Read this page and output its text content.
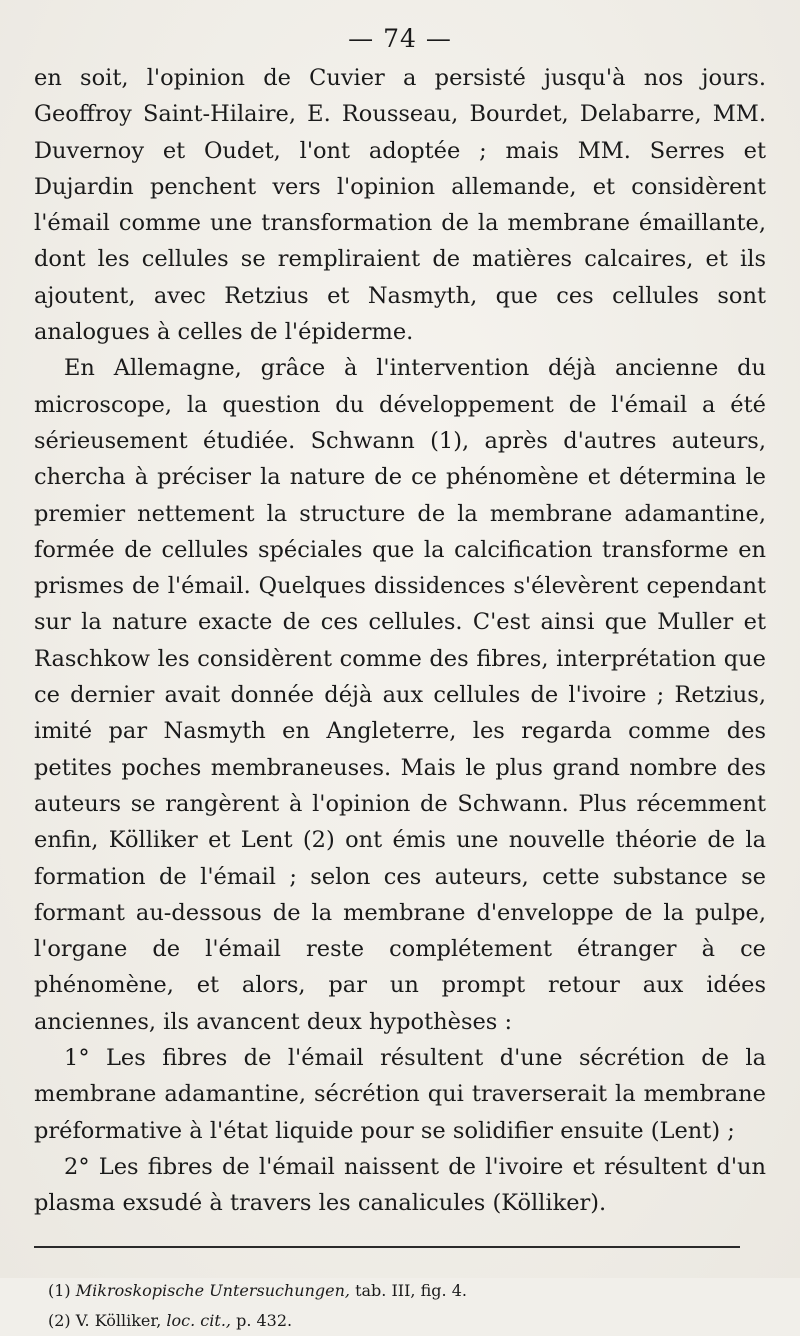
— 74 —

en soit, l'opinion de Cuvier a persisté jusqu'à nos jours. Geoffroy Saint-Hilaire, E. Rousseau, Bourdet, Delabarre, MM. Duvernoy et Oudet, l'ont adoptée ; mais MM. Serres et Dujardin penchent vers l'opinion allemande, et considèrent l'émail comme une transformation de la membrane émaillante, dont les cellules se rempliraient de matières calcaires, et ils ajoutent, avec Retzius et Nasmyth, que ces cellules sont analogues à celles de l'épiderme.

En Allemagne, grâce à l'intervention déjà ancienne du microscope, la question du développement de l'émail a été sérieusement étudiée. Schwann (1), après d'autres auteurs, chercha à préciser la nature de ce phénomène et détermina le premier nettement la structure de la membrane adamantine, formée de cellules spéciales que la calcification transforme en prismes de l'émail. Quelques dissidences s'élevèrent cependant sur la nature exacte de ces cellules. C'est ainsi que Muller et Raschkow les considèrent comme des fibres, interprétation que ce dernier avait donnée déjà aux cellules de l'ivoire ; Retzius, imité par Nasmyth en Angleterre, les regarda comme des petites poches membraneuses. Mais le plus grand nombre des auteurs se rangèrent à l'opinion de Schwann. Plus récemment enfin, Kölliker et Lent (2) ont émis une nouvelle théorie de la formation de l'émail ; selon ces auteurs, cette substance se formant au-dessous de la membrane d'enveloppe de la pulpe, l'organe de l'émail reste complétement étranger à ce phénomène, et alors, par un prompt retour aux idées anciennes, ils avancent deux hypothèses :

1° Les fibres de l'émail résultent d'une sécrétion de la membrane adamantine, sécrétion qui traverserait la membrane préformative à l'état liquide pour se solidifier ensuite (Lent) ;

2° Les fibres de l'émail naissent de l'ivoire et résultent d'un plasma exsudé à travers les canalicules (Kölliker).

(1) Mikroskopische Untersuchungen, tab. III, fig. 4.
(2) V. Kölliker, loc. cit., p. 432.
